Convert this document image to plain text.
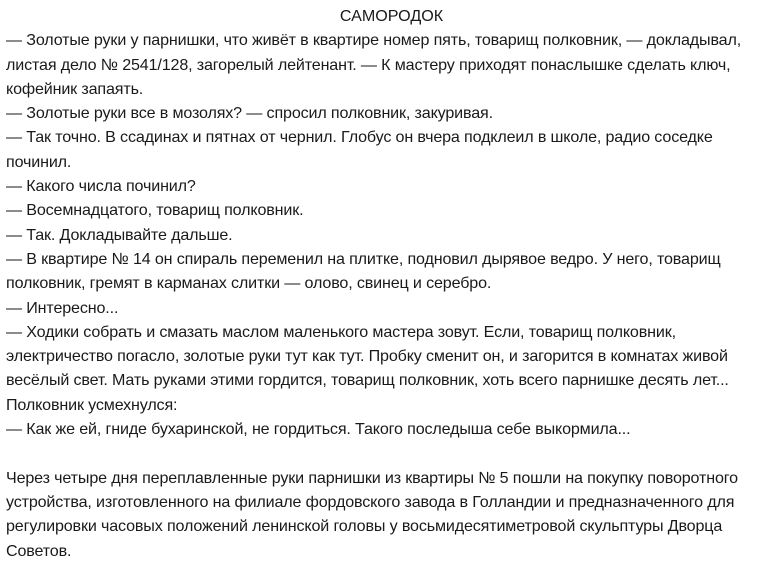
САМОРОДОК

— Золотые руки у парнишки, что живёт в квартире номер пять, товарищ полковник, — докладывал, листая дело № 2541/128, загорелый лейтенант. — К мастеру приходят понаслышке сделать ключ, кофейник запаять.

— Золотые руки все в мозолях? — спросил полковник, закуривая.

— Так точно. В ссадинах и пятнах от чернил. Глобус он вчера подклеил в школе, радио соседке починил.

— Какого числа починил?

— Восемнадцатого, товарищ полковник.

— Так. Докладывайте дальше.

— В квартире № 14 он спираль переменил на плитке, подновил дырявое ведро. У него, товарищ полковник, гремят в карманах слитки — олово, свинец и серебро.

— Интересно...

— Ходики собрать и смазать маслом маленького мастера зовут. Если, товарищ полковник, электричество погасло, золотые руки тут как тут. Пробку сменит он, и загорится в комнатах живой весёлый свет. Мать руками этими гордится, товарищ полковник, хоть всего парнишке десять лет...

Полковник усмехнулся:

— Как же ей, гниде бухаринской, не гордиться. Такого последыша себе выкормила...

Через четыре дня переплавленные руки парнишки из квартиры № 5 пошли на покупку поворотного устройства, изготовленного на филиале фордовского завода в Голландии и предназначенного для регулировки часовых положений ленинской головы у восьмидесятиметровой скульптуры Дворца Советов.
